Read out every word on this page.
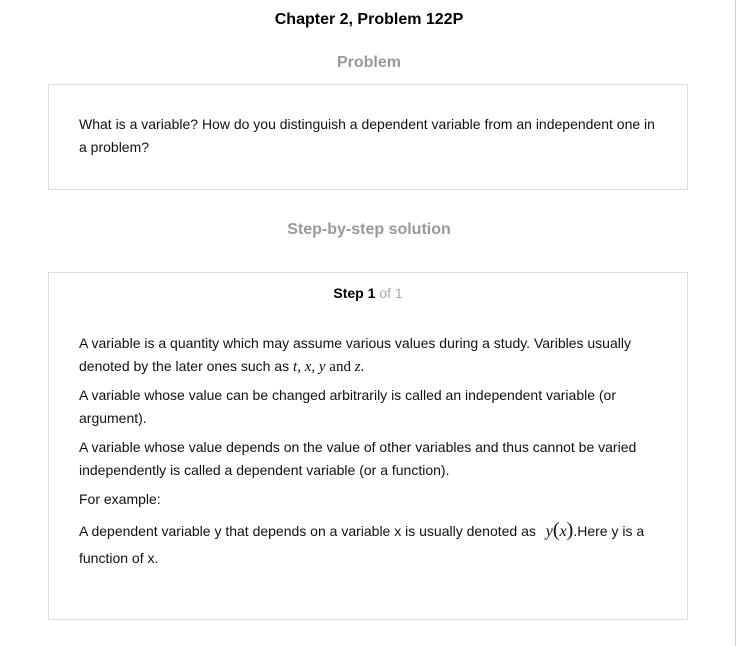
Chapter 2, Problem 122P
Problem
What is a variable? How do you distinguish a dependent variable from an independent one in a problem?
Step-by-step solution
Step 1 of 1
A variable is a quantity which may assume various values during a study. Varibles usually denoted by the later ones such as t, x, y and z.
A variable whose value can be changed arbitrarily is called an independent variable (or argument).
A variable whose value depends on the value of other variables and thus cannot be varied independently is called a dependent variable (or a function).
For example:
A dependent variable y that depends on a variable x is usually denoted as y(x).Here y is a function of x.
